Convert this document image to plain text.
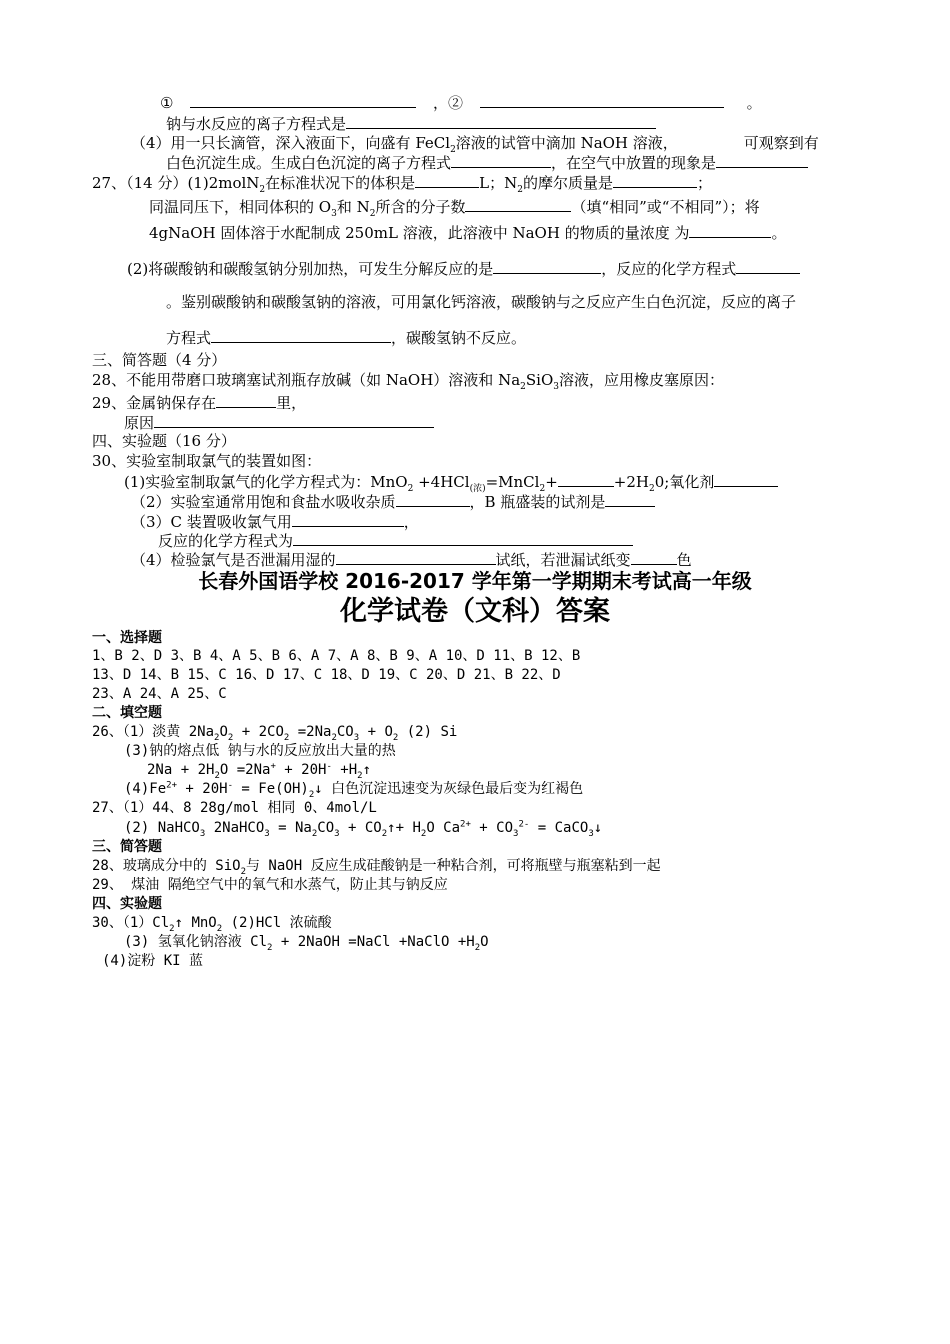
①	，②	。
钠与水反应的离子方程式是
（4）用一只长滴管，深入液面下，向盛有 FeCl$_2$溶液的试管中滴加 NaOH 溶液，	可观察到有
白色沉淀生成。生成白色沉淀的离子方程式	，在空气中放置的现象是
27、（14 分）(1)2molN$_2$在标准状况下的体积是	L；$N_2$的摩尔质量是	；
同温同压下，相同体积的 $O_3$和 $N_2$所含的分子数	（填“相同”或“不相同”）；将
4gNaOH 固体溶于水配制成 250mL 溶液，此溶液中 NaOH 的物质的量浓度 为	。
(2)将碳酸钠和碳酸氢钠分别加热，可发生分解反应的是	，反应的化学方程式
。鉴别碳酸钠和碳酸氢钠的溶液，可用氯化钙溶液，碳酸钠与之反应产生白色沉淀，反应的离子
方程式	，碳酸氢钠不反应。
三、简答题（4 分）
28、不能用带磨口玻璃塞试剂瓶存放碱（如 NaOH）溶液和 $Na_2SiO_3$溶液，应用橡皮塞原因：
29、金属钠保存在	里，
原因
四、实验题（16 分）
30、实验室制取氯气的装置如图：
(1)实验室制取氯气的化学方程式为：MnO$_2$ +4HCl$_{(浓)}$=MnCl$_2$+	$+2H_20$;氧化剂
（2）实验室通常用饱和食盐水吸收杂质	，B 瓶盛装的试剂是
（3）C 装置吸收氯气用	，
反应的化学方程式为
（4）检验氯气是否泄漏用湿的	试纸，若泄漏试纸变	色
长春外国语学校 2016-2017 学年第一学期期末考试高一年级
化学试卷（文科）答案
一、选择题
1、B 2、D 3、B 4、A 5、B 6、A 7、A 8、B 9、A 10、D 11、B 12、B
13、D 14、B 15、C 16、D 17、C 18、D 19、C 20、D 21、B 22、D
23、A 24、A 25、C
二、填空题
26、（1）淡黄 $2Na_2O_2 + 2CO_2 =2Na_2CO_3 + O_2$ (2) Si
(3)钠的熔点低 钠与水的反应放出大量的热
$2Na + 2H_2O =2Na^+ + 20H^-$ $+H_2↑$
$(4)Fe^{2+} + 20H^-$ = $Fe(OH)_2↓$ 白色沉淀迅速变为灰绿色最后变为红褐色
27、（1）44、8 28g/mol 相同 0、4mol/L
(2) NaHCO$_3$ 2NaHCO$_3$ = $Na_2CO_3$ + $CO_2↑+ H_2O$ $Ca^{2+} + CO_3^{2-}$ = CaCO$_3$↓
三、简答题
28、玻璃成分中的 SiO$_2$与 NaOH 反应生成硅酸钠是一种粘合剂，可将瓶壁与瓶塞粘到一起
29、 煤油 隔绝空气中的氧气和水蒸气，防止其与钠反应
四、实验题
30、$(1)Cl_2↑$ MnO$_2$ (2)HCl 浓硫酸
(3) 氢氧化钠溶液 $Cl_2$ + 2NaOH =NaCl +NaClO $+H_2O$
(4)淀粉 KI 蓝
